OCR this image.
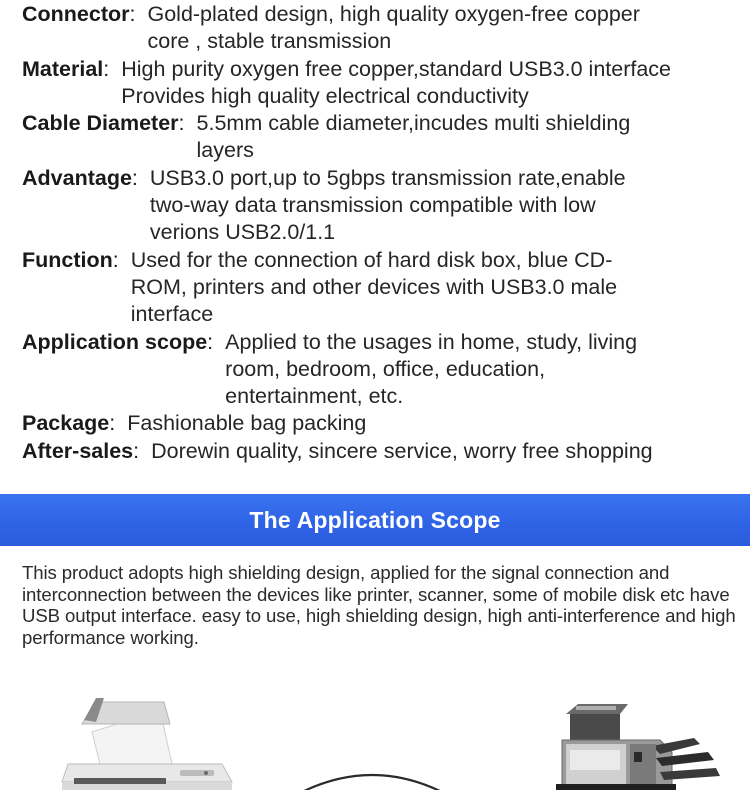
Connector : Gold-plated design, high quality oxygen-free copper core , stable transmission
Material : High purity oxygen free copper,standard USB3.0 interface Provides high quality electrical conductivity
Cable Diameter : 5.5mm cable diameter,incudes multi shielding layers
Advantage : USB3.0 port,up to 5gbps transmission rate,enable two-way data transmission compatible with low verions USB2.0/1.1
Function : Used for the connection of hard disk box, blue CD-ROM, printers and other devices with USB3.0 male interface
Application scope : Applied to the usages in home, study, living room, bedroom, office, education, entertainment, etc.
Package : Fashionable bag packing
After-sales : Dorewin quality, sincere service, worry free shopping
The Application Scope

This product adopts high shielding design, applied for the signal connection and interconnection between the devices like printer, scanner, some of mobile disk etc have USB output interface. easy to use, high shielding design, high anti-interference and high performance working.
